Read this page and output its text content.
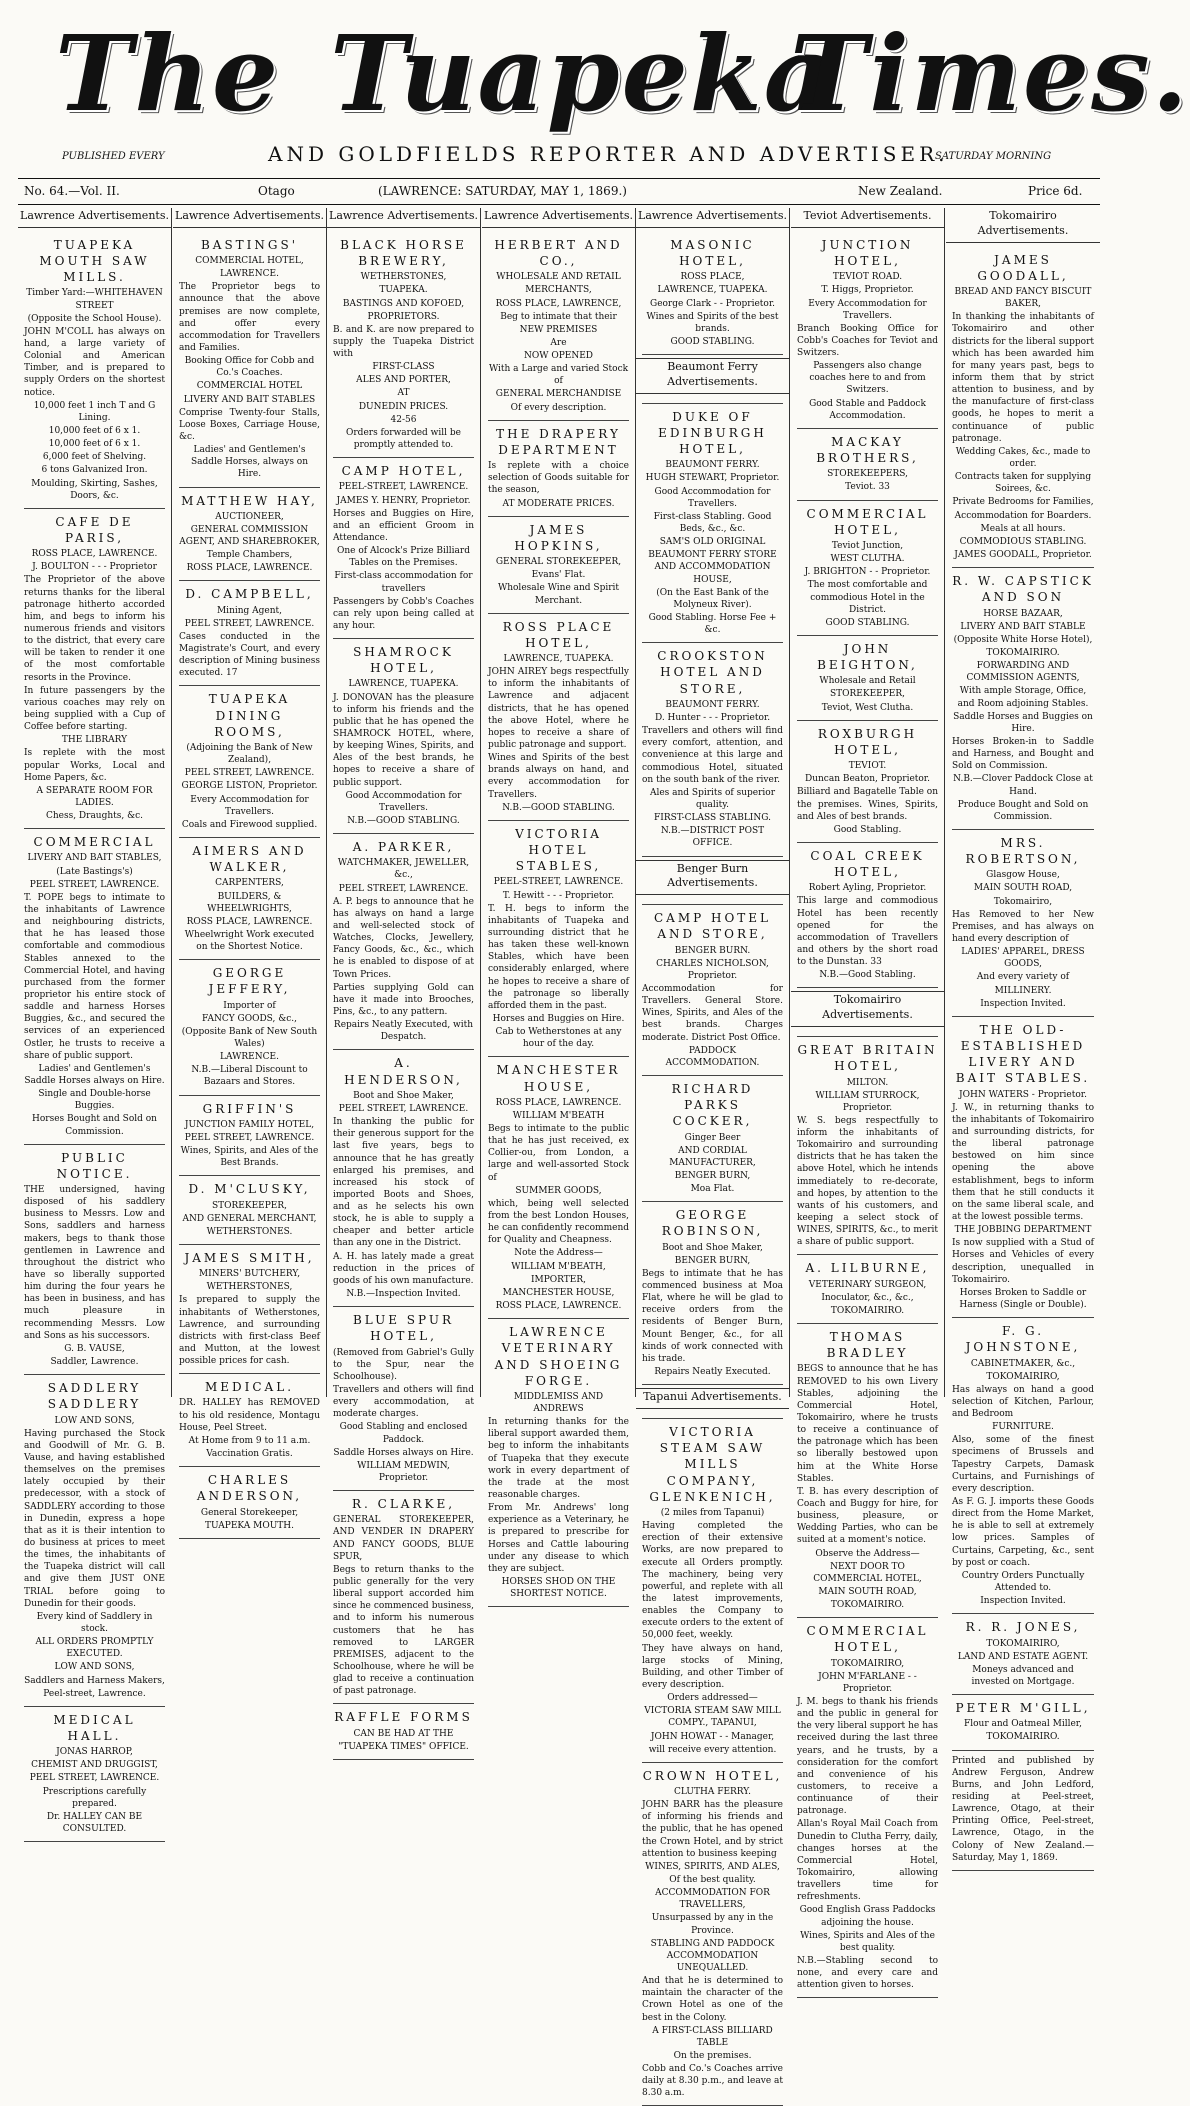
The Tuapeka
Times.
PUBLISHED EVERY	AND GOLDFIELDS REPORTER AND ADVERTISER.
SATURDAY MORNING
No. 64.—Vol. II.	Otago	(LAWRENCE: SATURDAY, MAY 1, 1869.)	New Zealand.	Price 6d.
Lawrence Advertisements.
TUAPEKA MOUTH SAW MILLS.

Timber Yard:—WHITEHAVEN STREET

(Opposite the School House).

JOHN M'COLL has always on hand, a large variety of Colonial and American Timber, and is prepared to supply Orders on the shortest notice.

10,000 feet 1 inch T and G Lining.

10,000 feet of 6 x 1.

10,000 feet of 6 x 1.

6,000 feet of Shelving.

6 tons Galvanized Iron.

Moulding, Skirting, Sashes, Doors, &c.

CAFE DE PARIS,

ROSS PLACE, LAWRENCE.

J. BOULTON - - - Proprietor

The Proprietor of the above returns thanks for the liberal patronage hitherto accorded him, and begs to inform his numerous friends and visitors to the district, that every care will be taken to render it one of the most comfortable resorts in the Province.

In future passengers by the various coaches may rely on being supplied with a Cup of Coffee before starting.

THE LIBRARY

Is replete with the most popular Works, Local and Home Papers, &c.

A SEPARATE ROOM FOR LADIES.

Chess, Draughts, &c.

COMMERCIAL

LIVERY AND BAIT STABLES,

(Late Bastings's)

PEEL STREET, LAWRENCE.

T. POPE begs to intimate to the inhabitants of Lawrence and neighbouring districts, that he has leased those comfortable and commodious Stables annexed to the Commercial Hotel, and having purchased from the former proprietor his entire stock of saddle and harness Horses Buggies, &c., and secured the services of an experienced Ostler, he trusts to receive a share of public support.

Ladies' and Gentlemen's Saddle Horses always on Hire.

Single and Double-horse Buggies.

Horses Bought and Sold on Commission.

PUBLIC NOTICE.

THE undersigned, having disposed of his saddlery business to Messrs. Low and Sons, saddlers and harness makers, begs to thank those gentlemen in Lawrence and throughout the district who have so liberally supported him during the four years he has been in business, and has much pleasure in recommending Messrs. Low and Sons as his successors.

G. B. VAUSE,

Saddler, Lawrence.

SADDLERY SADDLERY

LOW AND SONS,

Having purchased the Stock and Goodwill of Mr. G. B. Vause, and having established themselves on the premises lately occupied by their predecessor, with a stock of SADDLERY according to those in Dunedin, express a hope that as it is their intention to do business at prices to meet the times, the inhabitants of the Tuapeka district will call and give them JUST ONE TRIAL before going to Dunedin for their goods.

Every kind of Saddlery in stock.

ALL ORDERS PROMPTLY EXECUTED.

LOW AND SONS,

Saddlers and Harness Makers,

Peel-street, Lawrence.

MEDICAL HALL.

JONAS HARROP,

CHEMIST AND DRUGGIST,

PEEL STREET, LAWRENCE.

Prescriptions carefully prepared.

Dr. HALLEY CAN BE CONSULTED.

Lawrence Advertisements.
BASTINGS'

COMMERCIAL HOTEL,

LAWRENCE.

The Proprietor begs to announce that the above premises are now complete, and offer every accommodation for Travellers and Families.

Booking Office for Cobb and Co.'s Coaches.

COMMERCIAL HOTEL

LIVERY AND BAIT STABLES

Comprise Twenty-four Stalls, Loose Boxes, Carriage House, &c.

Ladies' and Gentlemen's Saddle Horses, always on Hire.

MATTHEW HAY,

AUCTIONEER,

GENERAL COMMISSION AGENT, AND SHAREBROKER,

Temple Chambers,

ROSS PLACE, LAWRENCE.

D. CAMPBELL,

Mining Agent,

PEEL STREET, LAWRENCE.

Cases conducted in the Magistrate's Court, and every description of Mining business executed. 17

TUAPEKA DINING ROOMS,

(Adjoining the Bank of New Zealand),

PEEL STREET, LAWRENCE.

GEORGE LISTON, Proprietor.

Every Accommodation for Travellers.

Coals and Firewood supplied.

AIMERS AND WALKER,

CARPENTERS,

BUILDERS, & WHEELWRIGHTS,

ROSS PLACE, LAWRENCE.

Wheelwright Work executed on the Shortest Notice.

GEORGE JEFFERY,

Importer of

FANCY GOODS, &c.,

(Opposite Bank of New South Wales)

LAWRENCE.

N.B.—Liberal Discount to Bazaars and Stores.

GRIFFIN'S

JUNCTION FAMILY HOTEL,

PEEL STREET, LAWRENCE.

Wines, Spirits, and Ales of the Best Brands.

D. M'CLUSKY,

STOREKEEPER,

AND GENERAL MERCHANT,

WETHERSTONES.

JAMES SMITH,

MINERS' BUTCHERY,

WETHERSTONES,

Is prepared to supply the inhabitants of Wetherstones, Lawrence, and surrounding districts with first-class Beef and Mutton, at the lowest possible prices for cash.

MEDICAL.

DR. HALLEY has REMOVED to his old residence, Montagu House, Peel Street.

At Home from 9 to 11 a.m.

Vaccination Gratis.

CHARLES ANDERSON,

General Storekeeper,

TUAPEKA MOUTH.

Lawrence Advertisements.
BLACK HORSE BREWERY,

WETHERSTONES,

TUAPEKA.

BASTINGS AND KOFOED,

PROPRIETORS.

B. and K. are now prepared to supply the Tuapeka District with

FIRST-CLASS

ALES AND PORTER,

AT

DUNEDIN PRICES.

42-56

Orders forwarded will be promptly attended to.

CAMP HOTEL,

PEEL-STREET, LAWRENCE.

JAMES Y. HENRY, Proprietor.

Horses and Buggies on Hire, and an efficient Groom in Attendance.

One of Alcock's Prize Billiard Tables on the Premises.

First-class accommodation for travellers

Passengers by Cobb's Coaches can rely upon being called at any hour.

SHAMROCK HOTEL,

LAWRENCE, TUAPEKA.

J. DONOVAN has the pleasure to inform his friends and the public that he has opened the SHAMROCK HOTEL, where, by keeping Wines, Spirits, and Ales of the best brands, he hopes to receive a share of public support.

Good Accommodation for Travellers.

N.B.—GOOD STABLING.

A. PARKER,

WATCHMAKER, JEWELLER, &c.,

PEEL STREET, LAWRENCE.

A. P. begs to announce that he has always on hand a large and well-selected stock of Watches, Clocks, Jewellery, Fancy Goods, &c., &c., which he is enabled to dispose of at Town Prices.

Parties supplying Gold can have it made into Brooches, Pins, &c., to any pattern.

Repairs Neatly Executed, with Despatch.

A. HENDERSON,

Boot and Shoe Maker,

PEEL STREET, LAWRENCE.

In thanking the public for their generous support for the last five years, begs to announce that he has greatly enlarged his premises, and increased his stock of imported Boots and Shoes, and as he selects his own stock, he is able to supply a cheaper and better article than any one in the District.

A. H. has lately made a great reduction in the prices of goods of his own manufacture.

N.B.—Inspection Invited.

BLUE SPUR HOTEL,

(Removed from Gabriel's Gully to the Spur, near the Schoolhouse).

Travellers and others will find every accommodation, at moderate charges.

Good Stabling and enclosed Paddock.

Saddle Horses always on Hire.

WILLIAM MEDWIN, Proprietor.

R. CLARKE,

GENERAL STOREKEEPER, AND VENDER IN DRAPERY AND FANCY GOODS, BLUE SPUR,

Begs to return thanks to the public generally for the very liberal support accorded him since he commenced business, and to inform his numerous customers that he has removed to LARGER PREMISES, adjacent to the Schoolhouse, where he will be glad to receive a continuation of past patronage.

RAFFLE FORMS

CAN BE HAD AT THE

"TUAPEKA TIMES" OFFICE.

Lawrence Advertisements.
HERBERT AND CO.,

WHOLESALE AND RETAIL

MERCHANTS,

ROSS PLACE, LAWRENCE,

Beg to intimate that their

NEW PREMISES

Are

NOW OPENED

With a Large and varied Stock of

GENERAL MERCHANDISE

Of every description.

THE DRAPERY DEPARTMENT

Is replete with a choice selection of Goods suitable for the season,

AT MODERATE PRICES.

JAMES HOPKINS,

GENERAL STOREKEEPER,

Evans' Flat.

Wholesale Wine and Spirit Merchant.

ROSS PLACE HOTEL,

LAWRENCE, TUAPEKA.

JOHN AIREY begs respectfully to inform the inhabitants of Lawrence and adjacent districts, that he has opened the above Hotel, where he hopes to receive a share of public patronage and support.

Wines and Spirits of the best brands always on hand, and every accommodation for Travellers.

N.B.—GOOD STABLING.

VICTORIA HOTEL STABLES,

PEEL-STREET, LAWRENCE.

T. Hewitt - - - Proprietor.

T. H. begs to inform the inhabitants of Tuapeka and surrounding district that he has taken these well-known Stables, which have been considerably enlarged, where he hopes to receive a share of the patronage so liberally afforded them in the past.

Horses and Buggies on Hire.

Cab to Wetherstones at any hour of the day.

MANCHESTER HOUSE,

ROSS PLACE, LAWRENCE.

WILLIAM M'BEATH

Begs to intimate to the public that he has just received, ex Collier-ou, from London, a large and well-assorted Stock of

SUMMER GOODS,

which, being well selected from the best London Houses, he can confidently recommend for Quality and Cheapness.

Note the Address—

WILLIAM M'BEATH,

IMPORTER,

MANCHESTER HOUSE,

ROSS PLACE, LAWRENCE.

LAWRENCE VETERINARY AND SHOEING FORGE.

MIDDLEMISS AND ANDREWS

In returning thanks for the liberal support awarded them, beg to inform the inhabitants of Tuapeka that they execute work in every department of the trade at the most reasonable charges.

From Mr. Andrews' long experience as a Veterinary, he is prepared to prescribe for Horses and Cattle labouring under any disease to which they are subject.

HORSES SHOD ON THE SHORTEST NOTICE.

Lawrence Advertisements.
MASONIC HOTEL,

ROSS PLACE,

LAWRENCE, TUAPEKA.

George Clark - - Proprietor.

Wines and Spirits of the best brands.

GOOD STABLING.

Beaumont Ferry Advertisements.
DUKE OF EDINBURGH HOTEL,

BEAUMONT FERRY.

HUGH STEWART, Proprietor.

Good Accommodation for Travellers.

First-class Stabling. Good Beds, &c., &c.

SAM'S OLD ORIGINAL

BEAUMONT FERRY STORE AND ACCOMMODATION HOUSE,

(On the East Bank of the Molyneux River).

Good Stabling. Horse Fee + &c.

CROOKSTON HOTEL AND STORE,

BEAUMONT FERRY.

D. Hunter - - - Proprietor.

Travellers and others will find every comfort, attention, and convenience at this large and commodious Hotel, situated on the south bank of the river.

Ales and Spirits of superior quality.

FIRST-CLASS STABLING.

N.B.—DISTRICT POST OFFICE.

Benger Burn Advertisements.
CAMP HOTEL AND STORE,

BENGER BURN.

CHARLES NICHOLSON, Proprietor.

Accommodation for Travellers. General Store. Wines, Spirits, and Ales of the best brands. Charges moderate. District Post Office.

PADDOCK ACCOMMODATION.

RICHARD PARKS COCKER,

Ginger Beer

AND CORDIAL MANUFACTURER,

BENGER BURN,

Moa Flat.

GEORGE ROBINSON,

Boot and Shoe Maker,

BENGER BURN,

Begs to intimate that he has commenced business at Moa Flat, where he will be glad to receive orders from the residents of Benger Burn, Mount Benger, &c., for all kinds of work connected with his trade.

Repairs Neatly Executed.

Tapanui Advertisements.
VICTORIA STEAM SAW MILLS COMPANY, GLENKENICH,

(2 miles from Tapanui)

Having completed the erection of their extensive Works, are now prepared to execute all Orders promptly. The machinery, being very powerful, and replete with all the latest improvements, enables the Company to execute orders to the extent of 50,000 feet, weekly.

They have always on hand, large stocks of Mining, Building, and other Timber of every description.

Orders addressed—

VICTORIA STEAM SAW MILL COMPY., TAPANUI,

JOHN HOWAT - - Manager,

will receive every attention.

CROWN HOTEL,

CLUTHA FERRY.

JOHN BARR has the pleasure of informing his friends and the public, that he has opened the Crown Hotel, and by strict attention to business keeping

WINES, SPIRITS, AND ALES,

Of the best quality.

ACCOMMODATION FOR TRAVELLERS,

Unsurpassed by any in the Province.

STABLING AND PADDOCK ACCOMMODATION UNEQUALLED.

And that he is determined to maintain the character of the Crown Hotel as one of the best in the Colony.

A FIRST-CLASS BILLIARD TABLE

On the premises.

Cobb and Co.'s Coaches arrive daily at 8.30 p.m., and leave at 8.30 a.m.

Teviot Advertisements.
JUNCTION HOTEL,

TEVIOT ROAD.

T. Higgs, Proprietor.

Every Accommodation for Travellers.

Branch Booking Office for Cobb's Coaches for Teviot and Switzers.

Passengers also change coaches here to and from Switzers.

Good Stable and Paddock Accommodation.

MACKAY BROTHERS,

STOREKEEPERS,

Teviot. 33

COMMERCIAL HOTEL,

Teviot Junction,

WEST CLUTHA.

J. BRIGHTON - - Proprietor.

The most comfortable and commodious Hotel in the District.

GOOD STABLING.

JOHN BEIGHTON,

Wholesale and Retail

STOREKEEPER,

Teviot, West Clutha.

ROXBURGH HOTEL,

TEVIOT.

Duncan Beaton, Proprietor.

Billiard and Bagatelle Table on the premises. Wines, Spirits, and Ales of best brands.

Good Stabling.

COAL CREEK HOTEL,

Robert Ayling, Proprietor.

This large and commodious Hotel has been recently opened for the accommodation of Travellers and others by the short road to the Dunstan. 33

N.B.—Good Stabling.

Tokomairiro Advertisements.
GREAT BRITAIN HOTEL,

MILTON.

WILLIAM STURROCK, Proprietor.

W. S. begs respectfully to inform the inhabitants of Tokomairiro and surrounding districts that he has taken the above Hotel, which he intends immediately to re-decorate, and hopes, by attention to the wants of his customers, and keeping a select stock of WINES, SPIRITS, &c., to merit a share of public support.

A. LILBURNE,

VETERINARY SURGEON,

Inoculator, &c., &c.,

TOKOMAIRIRO.

THOMAS BRADLEY

BEGS to announce that he has REMOVED to his own Livery Stables, adjoining the Commercial Hotel, Tokomairiro, where he trusts to receive a continuance of the patronage which has been so liberally bestowed upon him at the White Horse Stables.

T. B. has every description of Coach and Buggy for hire, for business, pleasure, or Wedding Parties, who can be suited at a moment's notice.

Observe the Address—

NEXT DOOR TO COMMERCIAL HOTEL,

MAIN SOUTH ROAD,

TOKOMAIRIRO.

COMMERCIAL HOTEL,

TOKOMAIRIRO,

JOHN M'FARLANE - - Proprietor.

J. M. begs to thank his friends and the public in general for the very liberal support he has received during the last three years, and he trusts, by a consideration for the comfort and convenience of his customers, to receive a continuance of their patronage.

Allan's Royal Mail Coach from Dunedin to Clutha Ferry, daily, changes horses at the Commercial Hotel, Tokomairiro, allowing travellers time for refreshments.

Good English Grass Paddocks adjoining the house.

Wines, Spirits and Ales of the best quality.

N.B.—Stabling second to none, and every care and attention given to horses.

Tokomairiro Advertisements.
JAMES GOODALL,

BREAD AND FANCY BISCUIT BAKER,

In thanking the inhabitants of Tokomairiro and other districts for the liberal support which has been awarded him for many years past, begs to inform them that by strict attention to business, and by the manufacture of first-class goods, he hopes to merit a continuance of public patronage.

Wedding Cakes, &c., made to order.

Contracts taken for supplying Soirees, &c.

Private Bedrooms for Families,

Accommodation for Boarders.

Meals at all hours.

COMMODIOUS STABLING.

JAMES GOODALL, Proprietor.

R. W. CAPSTICK AND SON

HORSE BAZAAR,

LIVERY AND BAIT STABLE

(Opposite White Horse Hotel),

TOKOMAIRIRO.

FORWARDING AND COMMISSION AGENTS,

With ample Storage, Office, and Room adjoining Stables.

Saddle Horses and Buggies on Hire.

Horses Broken-in to Saddle and Harness, and Bought and Sold on Commission.

N.B.—Clover Paddock Close at Hand.

Produce Bought and Sold on Commission.

MRS. ROBERTSON,

Glasgow House,

MAIN SOUTH ROAD,

Tokomairiro,

Has Removed to her New Premises, and has always on hand every description of

LADIES' APPAREL, DRESS GOODS,

And every variety of

MILLINERY.

Inspection Invited.

THE OLD-ESTABLISHED LIVERY AND BAIT STABLES.

JOHN WATERS - Proprietor.

J. W., in returning thanks to the inhabitants of Tokomairiro and surrounding districts, for the liberal patronage bestowed on him since opening the above establishment, begs to inform them that he still conducts it on the same liberal scale, and at the lowest possible terms.

THE JOBBING DEPARTMENT

Is now supplied with a Stud of Horses and Vehicles of every description, unequalled in Tokomairiro.

Horses Broken to Saddle or Harness (Single or Double).

F. G. JOHNSTONE,

CABINETMAKER, &c.,

TOKOMAIRIRO,

Has always on hand a good selection of Kitchen, Parlour, and Bedroom

FURNITURE.

Also, some of the finest specimens of Brussels and Tapestry Carpets, Damask Curtains, and Furnishings of every description.

As F. G. J. imports these Goods direct from the Home Market, he is able to sell at extremely low prices. Samples of Curtains, Carpeting, &c., sent by post or coach.

Country Orders Punctually Attended to.

Inspection Invited.

R. R. JONES,

TOKOMAIRIRO,

LAND AND ESTATE AGENT.

Moneys advanced and invested on Mortgage.

PETER M'GILL,

Flour and Oatmeal Miller,

TOKOMAIRIRO.

Printed and published by Andrew Ferguson, Andrew Burns, and John Ledford, residing at Peel-street, Lawrence, Otago, at their Printing Office, Peel-street, Lawrence, Otago, in the Colony of New Zealand.—Saturday, May 1, 1869.
